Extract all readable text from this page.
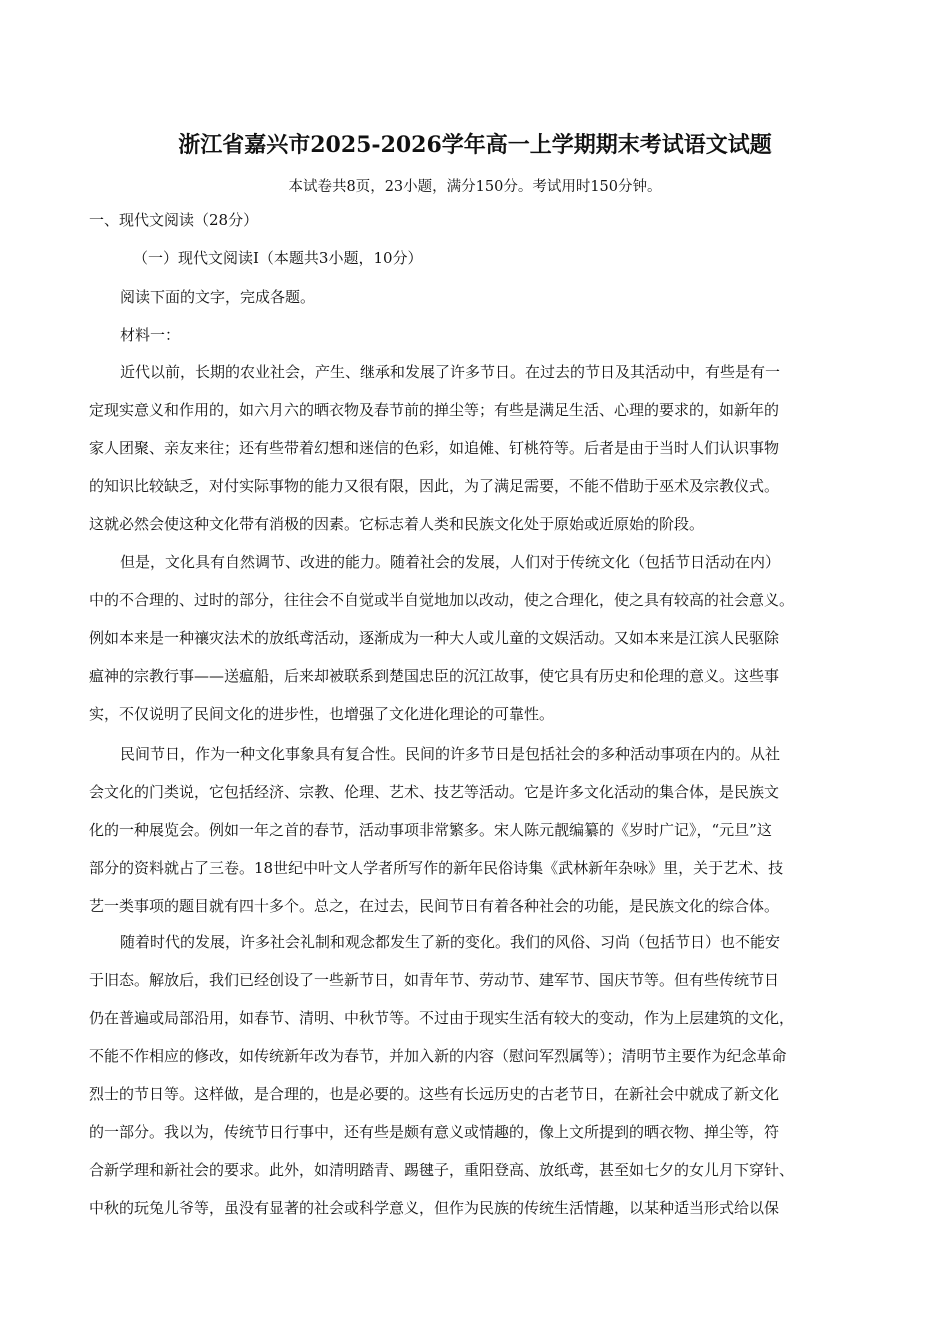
浙江省嘉兴市2025-2026学年高一上学期期末考试语文试题
本试卷共8页，23小题，满分150分。考试用时150分钟。
一、现代文阅读（28分）
（一）现代文阅读Ⅰ（本题共3小题，10分）
阅读下面的文字，完成各题。
材料一：
近代以前，长期的农业社会，产生、继承和发展了许多节日。在过去的节日及其活动中，有些是有一
定现实意义和作用的，如六月六的晒衣物及春节前的掸尘等；有些是满足生活、心理的要求的，如新年的
家人团聚、亲友来往；还有些带着幻想和迷信的色彩，如追傩、钉桃符等。后者是由于当时人们认识事物
的知识比较缺乏，对付实际事物的能力又很有限，因此，为了满足需要，不能不借助于巫术及宗教仪式。
这就必然会使这种文化带有消极的因素。它标志着人类和民族文化处于原始或近原始的阶段。
但是，文化具有自然调节、改进的能力。随着社会的发展，人们对于传统文化（包括节日活动在内）
中的不合理的、过时的部分，往往会不自觉或半自觉地加以改动，使之合理化，使之具有较高的社会意义。
例如本来是一种禳灾法术的放纸鸢活动，逐渐成为一种大人或儿童的文娱活动。又如本来是江滨人民驱除
瘟神的宗教行事——送瘟船，后来却被联系到楚国忠臣的沉江故事，使它具有历史和伦理的意义。这些事
实，不仅说明了民间文化的进步性，也增强了文化进化理论的可靠性。
民间节日，作为一种文化事象具有复合性。民间的许多节日是包括社会的多种活动事项在内的。从社
会文化的门类说，它包括经济、宗教、伦理、艺术、技艺等活动。它是许多文化活动的集合体，是民族文
化的一种展览会。例如一年之首的春节，活动事项非常繁多。宋人陈元靓编纂的《岁时广记》，“元旦”这
部分的资料就占了三卷。18世纪中叶文人学者所写作的新年民俗诗集《武林新年杂咏》里，关于艺术、技
艺一类事项的题目就有四十多个。总之，在过去，民间节日有着各种社会的功能，是民族文化的综合体。
随着时代的发展，许多社会礼制和观念都发生了新的变化。我们的风俗、习尚（包括节日）也不能安
于旧态。解放后，我们已经创设了一些新节日，如青年节、劳动节、建军节、国庆节等。但有些传统节日
仍在普遍或局部沿用，如春节、清明、中秋节等。不过由于现实生活有较大的变动，作为上层建筑的文化，
不能不作相应的修改，如传统新年改为春节，并加入新的内容（慰问军烈属等）；清明节主要作为纪念革命
烈士的节日等。这样做，是合理的，也是必要的。这些有长远历史的古老节日，在新社会中就成了新文化
的一部分。我以为，传统节日行事中，还有些是颇有意义或情趣的，像上文所提到的晒衣物、掸尘等，符
合新学理和新社会的要求。此外，如清明踏青、踢毽子，重阳登高、放纸鸢，甚至如七夕的女儿月下穿针、
中秋的玩兔儿爷等，虽没有显著的社会或科学意义，但作为民族的传统生活情趣，以某种适当形式给以保
